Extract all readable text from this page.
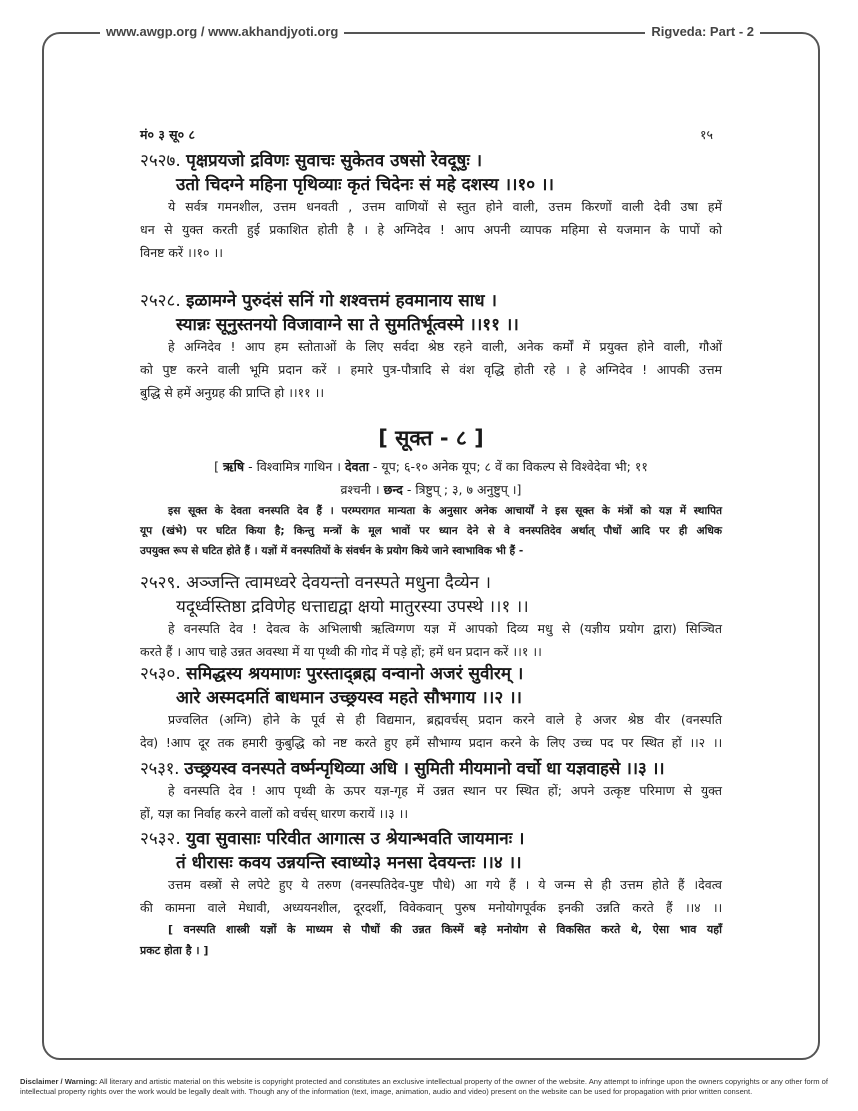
www.awgp.org / www.akhandjyoti.org	Rigveda: Part - 2
मं० ३ सू० ८	१५
२५२७. पृक्षप्रयजो द्रविणः सुवाचः सुकेतव उषसो रेवदूषुः ।
उतो चिदग्ने महिना पृथिव्याः कृतं चिदेनः सं महे दशस्य ।।१० ।।
ये सर्वत्र गमनशील, उत्तम धनवती , उत्तम वाणियों से स्तुत होने वाली, उत्तम किरणों वाली देवी उषा हमें
धन से युक्त करती हुई प्रकाशित होती है । हे अग्निदेव ! आप अपनी व्यापक महिमा से यजमान के पापों को
विनष्ट करें ।।१० ।।
२५२८. इळामग्ने पुरुदंसं सनिं गो शश्वत्तमं हवमानाय साध ।
स्यान्नः सूनुस्तनयो विजावाग्ने सा ते सुमतिर्भूत्वस्मे ।।११ ।।
हे अग्निदेव ! आप हम स्तोताओं के लिए सर्वदा श्रेष्ठ रहने वाली, अनेक कर्मों में प्रयुक्त होने वाली, गौओं
को पुष्ट करने वाली भूमि प्रदान करें । हमारे पुत्र-पौत्रादि से वंश वृद्धि होती रहे । हे अग्निदेव ! आपकी उत्तम
बुद्धि से हमें अनुग्रह की प्राप्ति हो ।।११ ।।
[ सूक्त - ८ ]
[ ऋषि - विश्वामित्र गाथिन । देवता - यूप; ६-१० अनेक यूप; ८ वें का विकल्प से विश्वेदेवा भी; ११
व्रश्चनी । छन्द - त्रिष्टुप् ; ३, ७ अनुष्टुप् ।]
इस सूक्त के देवता वनस्पति देव हैं । परम्परागत मान्यता के अनुसार अनेक आचार्यों ने इस सूक्त के मंत्रों को यज्ञ में स्थापित
यूप (खंभे) पर घटित किया है; किन्तु मन्त्रों के मूल भावों पर ध्यान देने से वे वनस्पतिदेव अर्थात् पौधों आदि पर ही अधिक
उपयुक्त रूप से घटित होते हैं । यज्ञों में वनस्पतियों के संवर्धन के प्रयोग किये जाने स्वाभाविक भी हैं -
२५२९. अञ्जन्ति त्वामध्वरे देवयन्तो वनस्पते मधुना दैव्येन ।
यदूर्ध्वस्तिष्ठा द्रविणेह धत्ताद्यद्वा क्षयो मातुरस्या उपस्थे ।।१ ।।
हे वनस्पति देव ! देवत्व के अभिलाषी ऋत्विग्गण यज्ञ में आपको दिव्य मधु से (यज्ञीय प्रयोग द्वारा) सिञ्चित
करते हैं । आप चाहे उन्नत अवस्था में या पृथ्वी की गोद में पड़े हों; हमें धन प्रदान करें ।।१ ।।
२५३०. समिद्धस्य श्रयमाणः पुरस्ताद्ब्रह्म वन्वानो अजरं सुवीरम् ।
आरे अस्मदमतिं बाधमान उच्छ्रयस्व महते सौभगाय ।।२ ।।
प्रज्वलित (अग्नि) होने के पूर्व से ही विद्यमान, ब्रह्मवर्चस् प्रदान करने वाले हे अजर श्रेष्ठ वीर (वनस्पति
देव) !आप दूर तक हमारी कुबुद्धि को नष्ट करते हुए हमें सौभाग्य प्रदान करने के लिए उच्च पद पर स्थित हों ।।२ ।।
२५३१. उच्छ्रयस्व वनस्पते वर्ष्मन्पृथिव्या अधि । सुमिती मीयमानो वर्चो धा यज्ञवाहसे ।।३ ।।
हे वनस्पति देव ! आप पृथ्वी के ऊपर यज्ञ-गृह में उन्नत स्थान पर स्थित हों; अपने उत्कृष्ट परिमाण से युक्त
हों, यज्ञ का निर्वाह करने वालों को वर्चस् धारण करायें ।।३ ।।
२५३२. युवा सुवासाः परिवीत आगात्स उ श्रेयान्भवति जायमानः ।
तं धीरासः कवय उन्नयन्ति स्वाध्यो३ मनसा देवयन्तः ।।४ ।।
उत्तम वस्त्रों से लपेटे हुए ये तरुण (वनस्पतिदेव-पुष्ट पौधे) आ गये हैं । ये जन्म से ही उत्तम होते हैं ।देवत्व
की कामना वाले मेधावी, अध्ययनशील, दूरदर्शी, विवेकवान् पुरुष मनोयोगपूर्वक इनकी उन्नति करते हैं ।।४ ।।
[ वनस्पति शास्त्री यज्ञों के माध्यम से पौधों की उन्नत किस्में बड़े मनोयोग से विकसित करते थे, ऐसा भाव यहाँ
प्रकट होता है । ]
Disclaimer / Warning: All literary and artistic material on this website is copyright protected and constitutes an exclusive intellectual property of the owner of the website. Any attempt to infringe upon the owners copyrights or any other form of intellectual property rights over the work would be legally dealt with. Though any of the information (text, image, animation, audio and video) present on the website can be used for propagation with prior written consent.
